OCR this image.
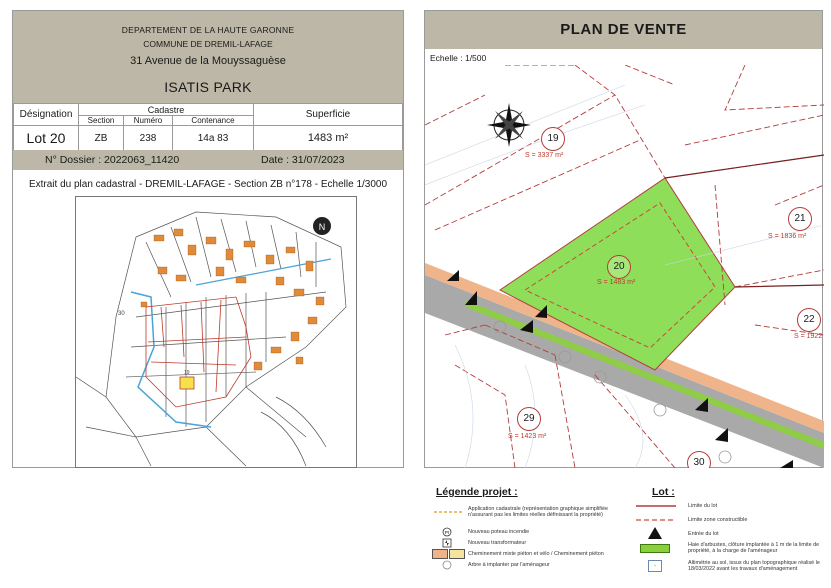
DEPARTEMENT DE LA HAUTE GARONNE
COMMUNE DE DREMIL-LAFAGE
31 Avenue de la Mouyssaguèse
ISATIS PARK
Désignation	Cadastre			Superficie
	Section	Numéro	Contenance	
Lot 20	ZB	238	14a 83	1483 m²
N° Dossier : 2022063_11420	Date : 31/07/2023
Extrait du plan cadastral - DREMIL-LAFAGE - Section ZB n°178 - Echelle 1/3000
N
30
19
PLAN DE VENTE
Echelle : 1/500
19
S = 3337 m²
20
S = 1483 m²
21
S = 1836 m²
22
S = 1922
29
S = 1423 m²
30
Légende projet :
Application cadastrale (représentation graphique simplifiée n'assurant pas les limites réelles définissant la propriété)
PI	Nouveau poteau incendie
Nouveau transformateur
Cheminement mixte piéton et vélo / Cheminement piéton
Arbre à implanter par l'aménageur
Lot :
Limite du lot
Limite zone constructible
Entrée du lot
Haie d'arbustes, clôture implantée à 1 m de la limite de propriété, à la charge de l'aménageur
+	Altimétrie au sol, issus du plan topographique réalisé le 18/03/2022 avant les travaux d'aménagement
